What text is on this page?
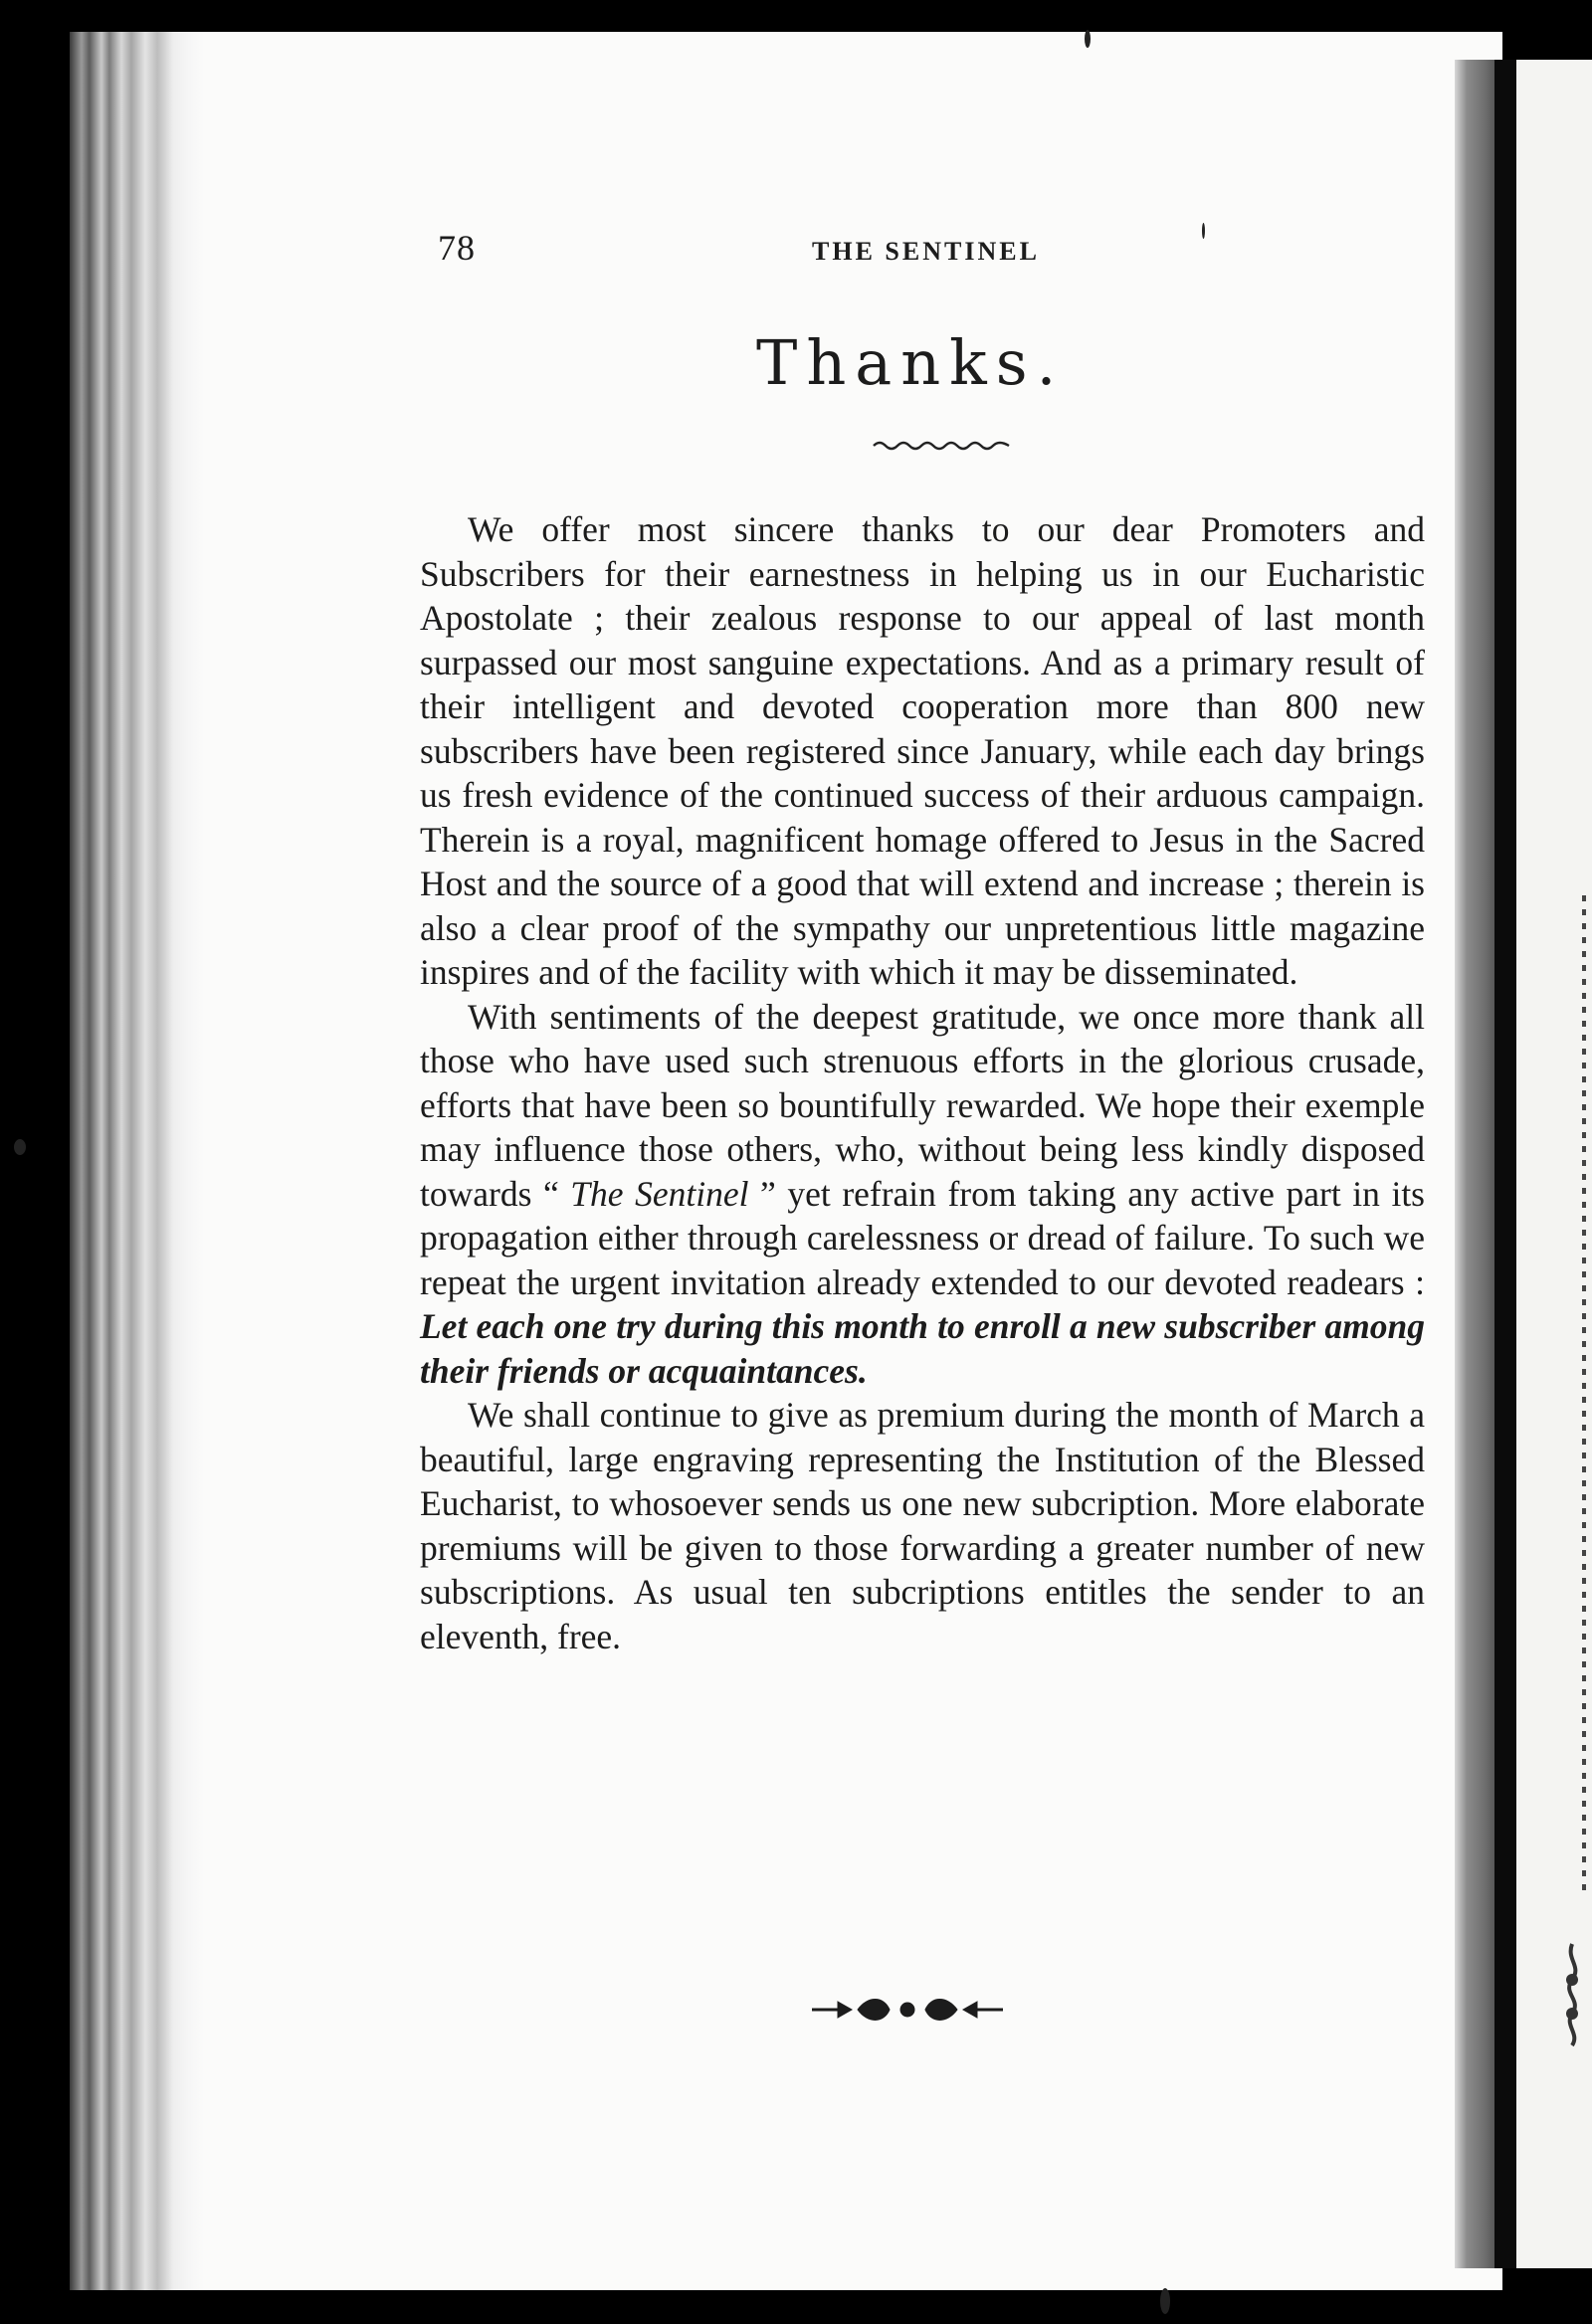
78	THE SENTINEL
Thanks.

We offer most sincere thanks to our dear Promoters and Subscribers for their earnestness in helping us in our Eucharistic Apostolate ; their zealous response to our appeal of last month surpassed our most sanguine expectations. And as a primary result of their intelligent and devoted cooperation more than 800 new subscribers have been registered since January, while each day brings us fresh evidence of the continued success of their arduous campaign. Therein is a royal, magnificent homage offered to Jesus in the Sacred Host and the source of a good that will extend and increase ; therein is also a clear proof of the sympathy our unpretentious little magazine inspires and of the facility with which it may be disseminated.

With sentiments of the deepest gratitude, we once more thank all those who have used such strenuous efforts in the glorious crusade, efforts that have been so bountifully rewarded. We hope their exemple may influence those others, who, without being less kindly disposed towards “ The Sentinel ” yet refrain from taking any active part in its propagation either through carelessness or dread of failure. To such we repeat the urgent invitation already extended to our devoted readears : Let each one try during this month to enroll a new subscriber among their friends or acquaintances.

We shall continue to give as premium during the month of March a beautiful, large engraving representing the Institution of the Blessed Eucharist, to whosoever sends us one new subcription. More elaborate premiums will be given to those forwarding a greater number of new subscriptions. As usual ten subcriptions entitles the sender to an eleventh, free.
